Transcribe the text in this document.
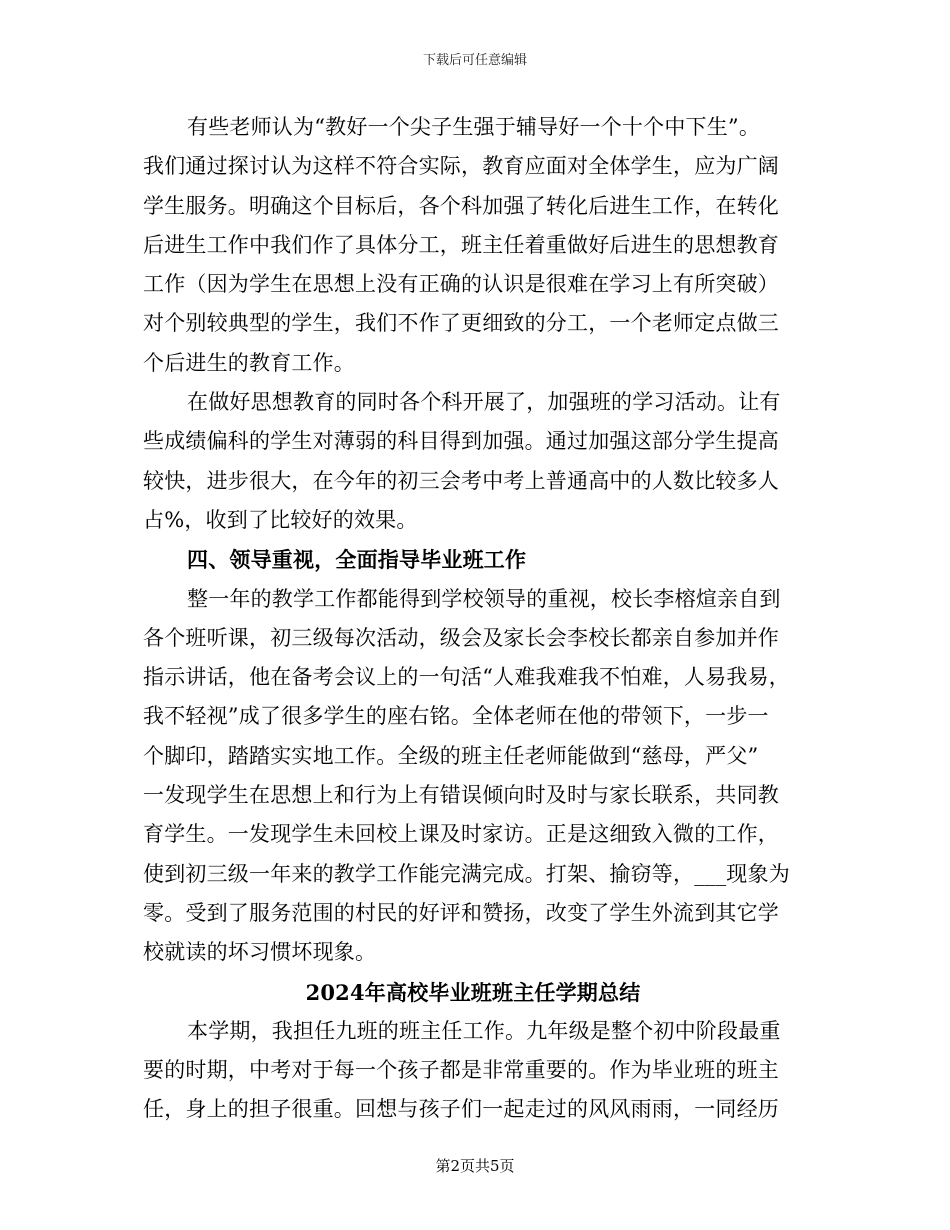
下载后可任意编辑
有些老师认为“教好一个尖子生强于辅导好一个十个中下生”。
我们通过探讨认为这样不符合实际，教育应面对全体学生，应为广阔
学生服务。明确这个目标后，各个科加强了转化后进生工作，在转化
后进生工作中我们作了具体分工，班主任着重做好后进生的思想教育
工作（因为学生在思想上没有正确的认识是很难在学习上有所突破）
对个别较典型的学生，我们不作了更细致的分工，一个老师定点做三
个后进生的教育工作。
在做好思想教育的同时各个科开展了，加强班的学习活动。让有
些成绩偏科的学生对薄弱的科目得到加强。通过加强这部分学生提高
较快，进步很大，在今年的初三会考中考上普通高中的人数比较多人
占%，收到了比较好的效果。
四、领导重视，全面指导毕业班工作
整一年的教学工作都能得到学校领导的重视，校长李榕煊亲自到
各个班听课，初三级每次活动，级会及家长会李校长都亲自参加并作
指示讲话，他在备考会议上的一句活“人难我难我不怕难，人易我易，
我不轻视”成了很多学生的座右铭。全体老师在他的带领下，一步一
个脚印，踏踏实实地工作。全级的班主任老师能做到“慈母，严父”
一发现学生在思想上和行为上有错误倾向时及时与家长联系，共同教
育学生。一发现学生未回校上课及时家访。正是这细致入微的工作，
使到初三级一年来的教学工作能完满完成。打架、揄窃等，___现象为
零。受到了服务范围的村民的好评和赞扬，改变了学生外流到其它学
校就读的坏习惯坏现象。
2024年高校毕业班班主任学期总结
本学期，我担任九班的班主任工作。九年级是整个初中阶段最重
要的时期，中考对于每一个孩子都是非常重要的。作为毕业班的班主
任，身上的担子很重。回想与孩子们一起走过的风风雨雨，一同经历
第2页共5页
